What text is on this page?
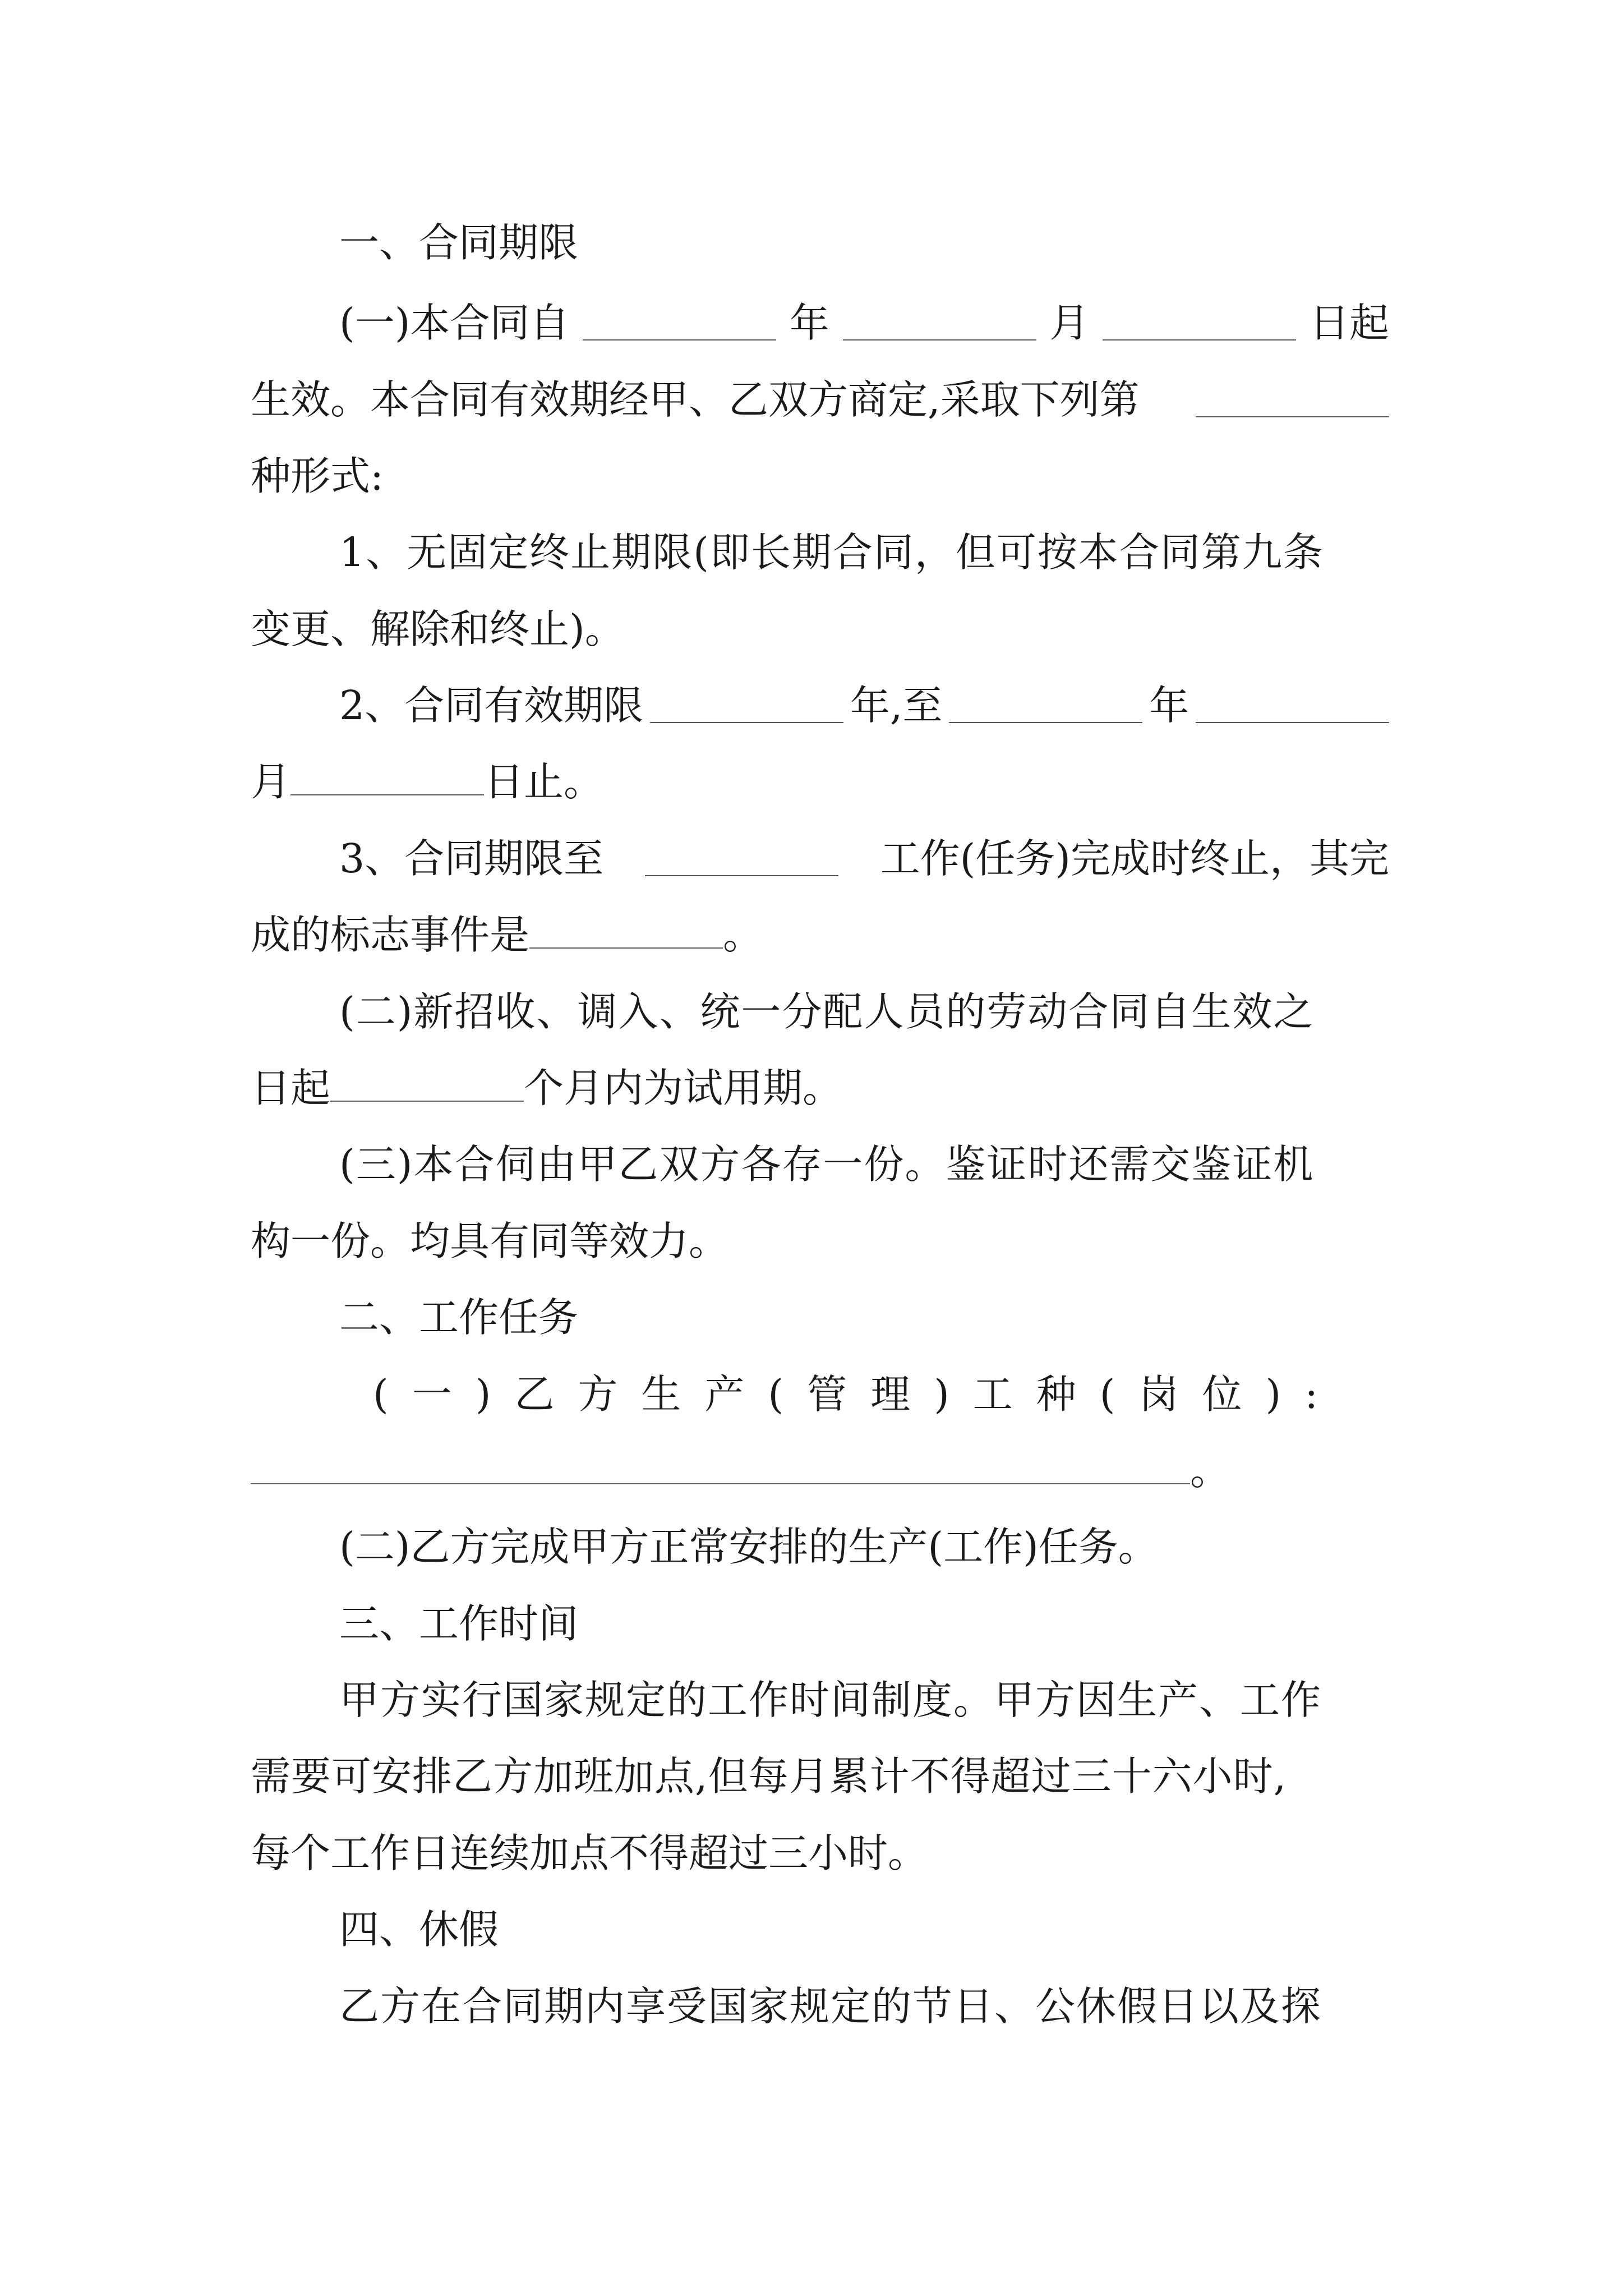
一、合同期限
(一)本合同自	年	月	日起
生效。本合同有效期经甲、乙双方商定,采取下列第
种形式:
1、无固定终止期限(即长期合同，但可按本合同第九条
变更、解除和终止)。
2、合同有效期限	年,至	年
月	日止。
3、合同期限至	工作(任务)完成时终止，其完
成的标志事件是	。
(二)新招收、调入、统一分配人员的劳动合同自生效之
日起	个月内为试用期。
(三)本合伺由甲乙双方各存一份。鉴证时还需交鉴证机
构一份。均具有同等效力。
二、工作任务
(一)乙方生产(管理)工种(岗位):
。
(二)乙方完成甲方正常安排的生产(工作)任务。
三、工作时间
甲方实行国家规定的工作时间制度。甲方因生产、工作
需要可安排乙方加班加点,但每月累计不得超过三十六小时,
每个工作日连续加点不得超过三小时。
四、休假
乙方在合同期内享受国家规定的节日、公休假日以及探
